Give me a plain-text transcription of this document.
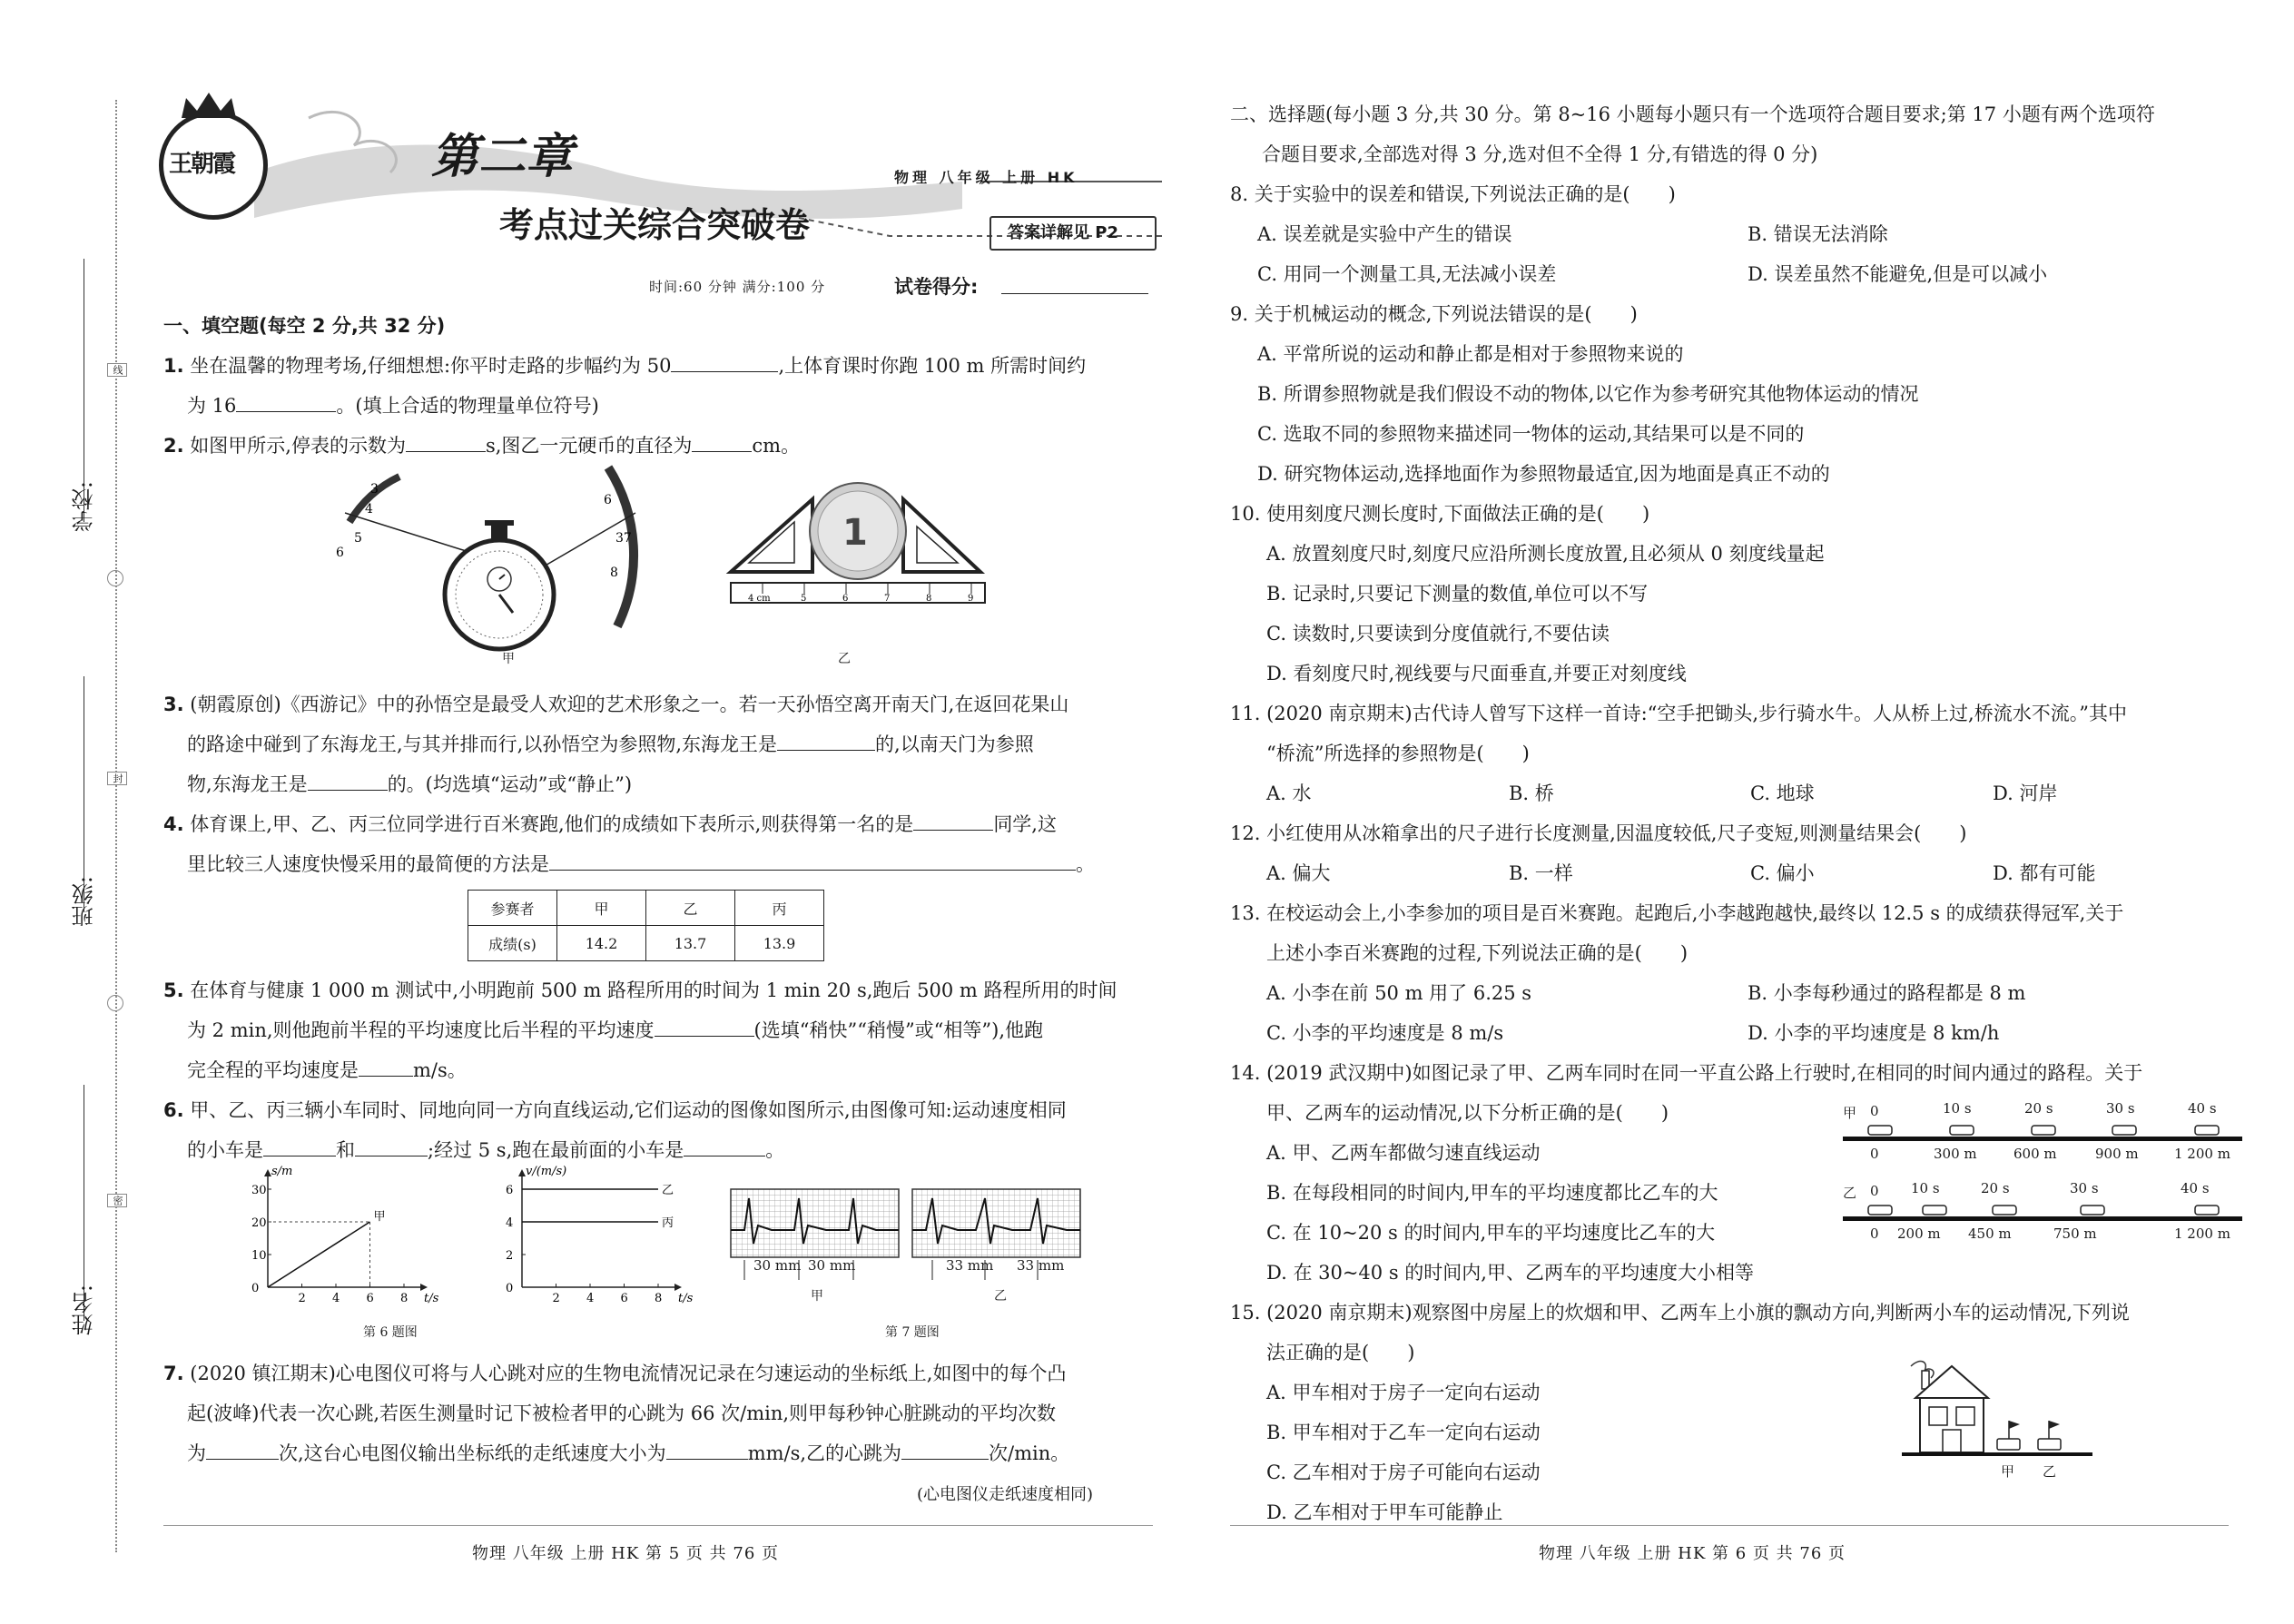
线
封
密
学校:
班级:
姓名:
王朝霞	第二章
考点过关综合突破卷
物理 八年级 上册 HK
答案详解见 P2
时间:60 分钟 满分:100 分	试卷得分:
一、填空题(每空 2 分,共 32 分)
1. 坐在温馨的物理考场,仔细想想:你平时走路的步幅约为 50	,上体育课时你跑 100 m 所需时间约
为 16	。(填上合适的物理量单位符号)
2. 如图甲所示,停表的示数为	s,图乙一元硬币的直径为	cm。
3
4
5
6
6
37
8
甲
1
4 cm	5	6	7	8	9
乙
3. (朝霞原创)《西游记》中的孙悟空是最受人欢迎的艺术形象之一。若一天孙悟空离开南天门,在返回花果山
的路途中碰到了东海龙王,与其并排而行,以孙悟空为参照物,东海龙王是	的,以南天门为参照
物,东海龙王是	的。(均选填“运动”或“静止”)
4. 体育课上,甲、乙、丙三位同学进行百米赛跑,他们的成绩如下表所示,则获得第一名的是	同学,这
里比较三人速度快慢采用的最简便的方法是	。
参赛者	甲	乙	丙
成绩(s)	14.2	13.7	13.9
5. 在体育与健康 1 000 m 测试中,小明跑前 500 m 路程所用的时间为 1 min 20 s,跑后 500 m 路程所用的时间
为 2 min,则他跑前半程的平均速度比后半程的平均速度	(选填“稍快”“稍慢”或“相等”),他跑
完全程的平均速度是	m/s。
6. 甲、乙、丙三辆小车同时、同地向同一方向直线运动,它们运动的图像如图所示,由图像可知:运动速度相同
的小车是	和	;经过 5 s,跑在最前面的小车是	。
2 4 6 8
0
10
20
30
t/s
s/m
甲
2 4 6 8
0
2
4
6
t/s
v/(m/s)
乙
丙
第 6 题图
30 mm 30 mm	33 mm 33 mm
甲	乙
第 7 题图
7. (2020 镇江期末)心电图仪可将与人心跳对应的生物电流情况记录在匀速运动的坐标纸上,如图中的每个凸
起(波峰)代表一次心跳,若医生测量时记下被检者甲的心跳为 66 次/min,则甲每秒钟心脏跳动的平均次数
为	次,这台心电图仪输出坐标纸的走纸速度大小为	mm/s,乙的心跳为	次/min。
(心电图仪走纸速度相同)
物理 八年级 上册 HK 第 5 页 共 76 页
二、选择题(每小题 3 分,共 30 分。第 8~16 小题每小题只有一个选项符合题目要求;第 17 小题有两个选项符
合题目要求,全部选对得 3 分,选对但不全得 1 分,有错选的得 0 分)
8. 关于实验中的误差和错误,下列说法正确的是(　　)
A. 误差就是实验中产生的错误	B. 错误无法消除
C. 用同一个测量工具,无法减小误差	D. 误差虽然不能避免,但是可以减小
9. 关于机械运动的概念,下列说法错误的是(　　)
A. 平常所说的运动和静止都是相对于参照物来说的
B. 所谓参照物就是我们假设不动的物体,以它作为参考研究其他物体运动的情况
C. 选取不同的参照物来描述同一物体的运动,其结果可以是不同的
D. 研究物体运动,选择地面作为参照物最适宜,因为地面是真正不动的
10. 使用刻度尺测长度时,下面做法正确的是(　　)
A. 放置刻度尺时,刻度尺应沿所测长度放置,且必须从 0 刻度线量起
B. 记录时,只要记下测量的数值,单位可以不写
C. 读数时,只要读到分度值就行,不要估读
D. 看刻度尺时,视线要与尺面垂直,并要正对刻度线
11. (2020 南京期末)古代诗人曾写下这样一首诗:“空手把锄头,步行骑水牛。人从桥上过,桥流水不流。”其中
“桥流”所选择的参照物是(　　)
A. 水	B. 桥	C. 地球	D. 河岸
12. 小红使用从冰箱拿出的尺子进行长度测量,因温度较低,尺子变短,则测量结果会(　　)
A. 偏大	B. 一样	C. 偏小	D. 都有可能
13. 在校运动会上,小李参加的项目是百米赛跑。起跑后,小李越跑越快,最终以 12.5 s 的成绩获得冠军,关于
上述小李百米赛跑的过程,下列说法正确的是(　　)
A. 小李在前 50 m 用了 6.25 s	B. 小李每秒通过的路程都是 8 m
C. 小李的平均速度是 8 m/s	D. 小李的平均速度是 8 km/h
14. (2019 武汉期中)如图记录了甲、乙两车同时在同一平直公路上行驶时,在相同的时间内通过的路程。关于
甲、乙两车的运动情况,以下分析正确的是(　　)
A. 甲、乙两车都做匀速直线运动
B. 在每段相同的时间内,甲车的平均速度都比乙车的大
C. 在 10~20 s 的时间内,甲车的平均速度比乙车的大
D. 在 30~40 s 的时间内,甲、乙两车的平均速度大小相等
甲 0	10 s	20 s	30 s	40 s
0	300 m	600 m	900 m	1 200 m
乙 0 10 s	20 s	30 s	40 s
0 200 m 450 m	750 m	1 200 m
15. (2020 南京期末)观察图中房屋上的炊烟和甲、乙两车上小旗的飘动方向,判断两小车的运动情况,下列说
法正确的是(　　)
A. 甲车相对于房子一定向右运动
B. 甲车相对于乙车一定向右运动
C. 乙车相对于房子可能向右运动
D. 乙车相对于甲车可能静止
甲 乙
物理 八年级 上册 HK 第 6 页 共 76 页
